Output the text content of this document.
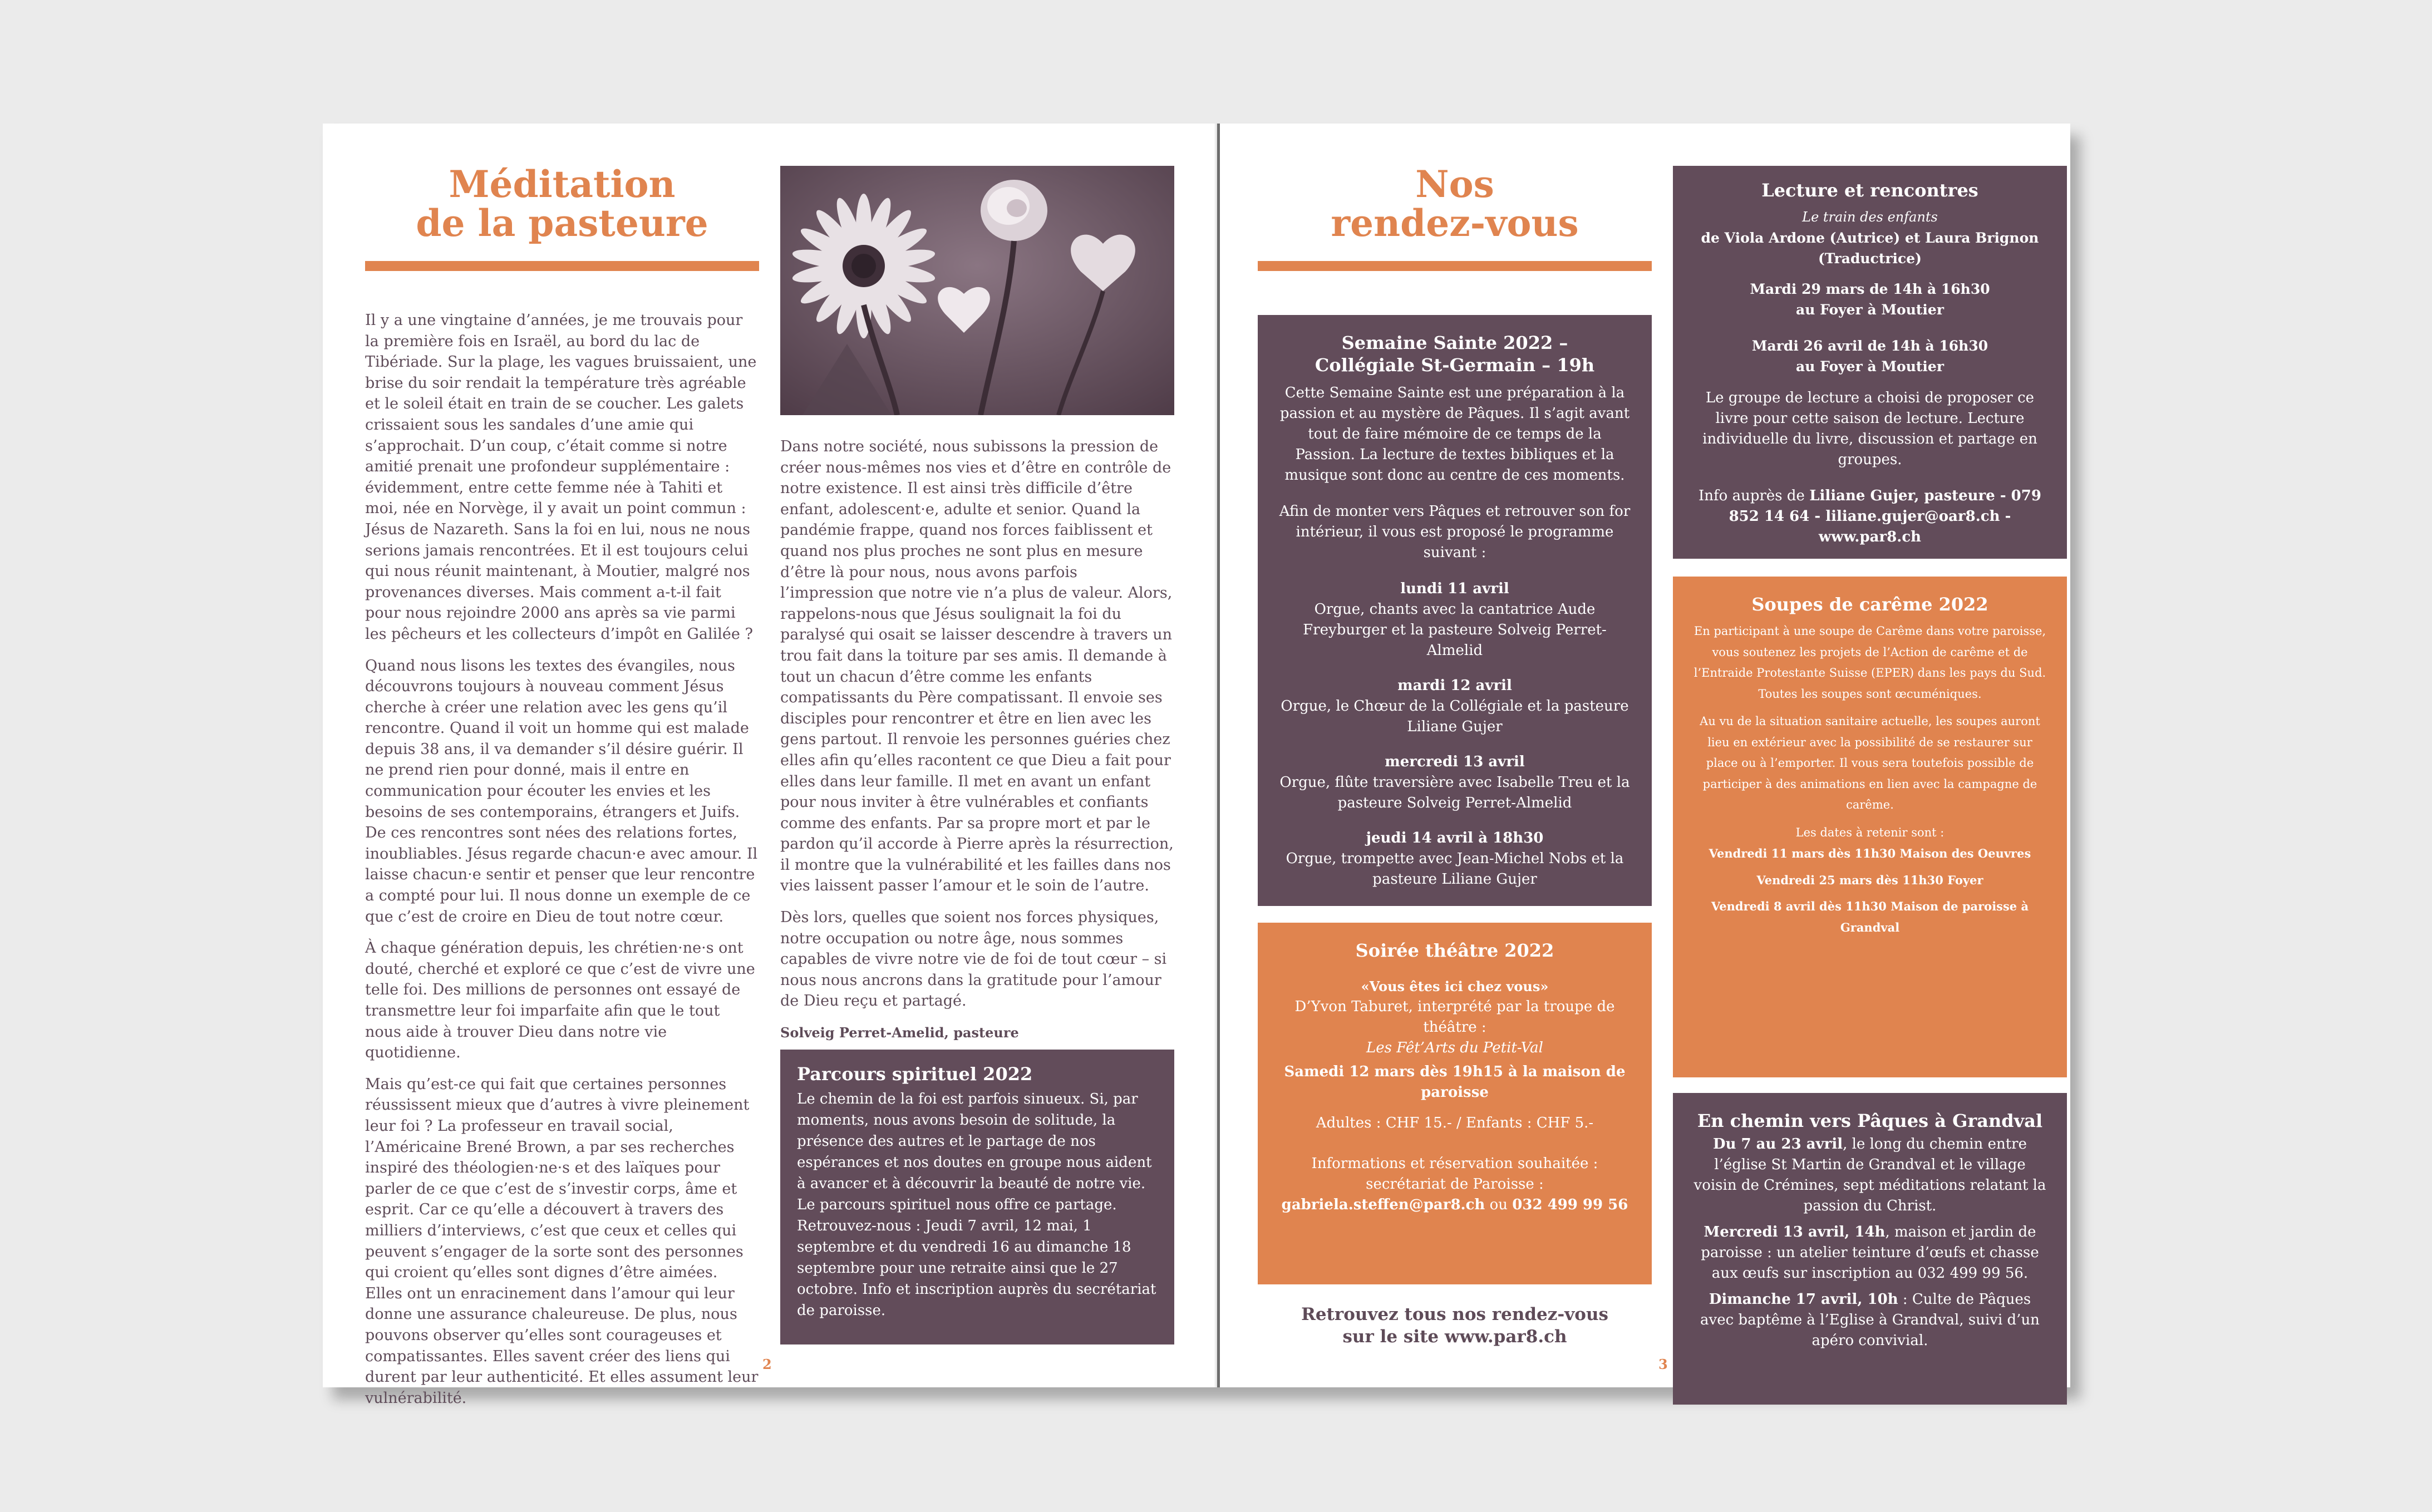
Méditation

de la pasteure

Il y a une vingtaine d’années, je me trouvais pour la première fois en Israël, au bord du lac de Tibériade. Sur la plage, les vagues bruissaient, une brise du soir rendait la température très agréable et le soleil était en train de se coucher. Les galets crissaient sous les sandales d’une amie qui s’approchait. D’un coup, c’était comme si notre amitié prenait une profondeur supplémentaire : évidemment, entre cette femme née à Tahiti et moi, née en Norvège, il y avait un point commun : Jésus de Nazareth. Sans la foi en lui, nous ne nous serions jamais rencontrées. Et il est toujours celui qui nous réunit maintenant, à Moutier, malgré nos provenances diverses. Mais comment a-t-il fait pour nous rejoindre 2000 ans après sa vie parmi les pêcheurs et les collecteurs d’impôt en Galilée ?

Quand nous lisons les textes des évangiles, nous découvrons toujours à nouveau comment Jésus cherche à créer une relation avec les gens qu’il rencontre. Quand il voit un homme qui est malade depuis 38 ans, il va demander s’il désire guérir. Il ne prend rien pour donné, mais il entre en communication pour écouter les envies et les besoins de ses contemporains, étrangers et Juifs. De ces rencontres sont nées des relations fortes, inoubliables. Jésus regarde chacun·e avec amour. Il laisse chacun·e sentir et penser que leur rencontre a compté pour lui. Il nous donne un exemple de ce que c’est de croire en Dieu de tout notre cœur.

À chaque génération depuis, les chrétien·ne·s ont douté, cherché et exploré ce que c’est de vivre une telle foi. Des millions de personnes ont essayé de transmettre leur foi imparfaite afin que le tout nous aide à trouver Dieu dans notre vie quotidienne.

Mais qu’est-ce qui fait que certaines personnes réussissent mieux que d’autres à vivre pleinement leur foi ? La professeur en travail social, l’Américaine Brené Brown, a par ses recherches inspiré des théologien·ne·s et des laïques pour parler de ce que c’est de s’investir corps, âme et esprit. Car ce qu’elle a découvert à travers des milliers d’interviews, c’est que ceux et celles qui peuvent s’engager de la sorte sont des personnes qui croient qu’elles sont dignes d’être aimées. Elles ont un enracinement dans l’amour qui leur donne une assurance chaleureuse. De plus, nous pouvons observer qu’elles sont courageuses et compatissantes. Elles savent créer des liens qui durent par leur authenticité. Et elles assument leur vulnérabilité.

Dans notre société, nous subissons la pression de créer nous-mêmes nos vies et d’être en contrôle de notre existence. Il est ainsi très difficile d’être enfant, adolescent·e, adulte et senior. Quand la pandémie frappe, quand nos forces faiblissent et quand nos plus proches ne sont plus en mesure d’être là pour nous, nous avons parfois l’impression que notre vie n’a plus de valeur. Alors, rappelons-nous que Jésus soulignait la foi du paralysé qui osait se laisser descendre à travers un trou fait dans la toiture par ses amis. Il demande à tout un chacun d’être comme les enfants compatissants du Père compatissant. Il envoie ses disciples pour rencontrer et être en lien avec les gens partout. Il renvoie les personnes guéries chez elles afin qu’elles racontent ce que Dieu a fait pour elles dans leur famille. Il met en avant un enfant pour nous inviter à être vulnérables et confiants comme des enfants. Par sa propre mort et par le pardon qu’il accorde à Pierre après la résurrection, il montre que la vulnérabilité et les failles dans nos vies laissent passer l’amour et le soin de l’autre.

Dès lors, quelles que soient nos forces physiques, notre occupation ou notre âge, nous sommes capables de vivre notre vie de foi de tout cœur – si nous nous ancrons dans la gratitude pour l’amour de Dieu reçu et partagé.

Solveig Perret-Amelid, pasteure

Parcours spirituel 2022

Le chemin de la foi est parfois sinueux. Si, par moments, nous avons besoin de solitude, la présence des autres et le partage de nos espérances et nos doutes en groupe nous aident à avancer et à découvrir la beauté de notre vie. Le parcours spirituel nous offre ce partage. Retrouvez-nous : Jeudi 7 avril, 12 mai, 1 septembre et du vendredi 16 au dimanche 18 septembre pour une retraite ainsi que le 27 octobre. Info et inscription auprès du secrétariat de paroisse.

2

Nos

rendez-vous

Semaine Sainte 2022 –
Collégiale St-Germain – 19h

Cette Semaine Sainte est une préparation à la passion et au mystère de Pâques. Il s’agit avant tout de faire mémoire de ce temps de la Passion. La lecture de textes bibliques et la musique sont donc au centre de ces moments.

Afin de monter vers Pâques et retrouver son for intérieur, il vous est proposé le programme suivant :

lundi 11 avril

Orgue, chants avec la cantatrice Aude Freyburger et la pasteure Solveig Perret-Almelid

mardi 12 avril

Orgue, le Chœur de la Collégiale et la pasteure Liliane Gujer

mercredi 13 avril

Orgue, flûte traversière avec Isabelle Treu et la pasteure Solveig Perret-Almelid

jeudi 14 avril à 18h30

Orgue, trompette avec Jean-Michel Nobs et la pasteure Liliane Gujer

Soirée théâtre 2022

«Vous êtes ici chez vous»

D’Yvon Taburet, interprété par la troupe de théâtre :

Les Fêt’Arts du Petit-Val

Samedi 12 mars dès 19h15 à la maison de paroisse

Adultes : CHF 15.- / Enfants : CHF 5.-

Informations et réservation souhaitée : secrétariat de Paroisse : gabriela.steffen@par8.ch ou 032 499 99 56

Retrouvez tous nos rendez-vous
sur le site www.par8.ch
3
Lecture et rencontres

Le train des enfants

de Viola Ardone (Autrice) et Laura Brignon (Traductrice)

Mardi 29 mars de 14h à 16h30

au Foyer à Moutier

Mardi 26 avril de 14h à 16h30

au Foyer à Moutier

Le groupe de lecture a choisi de proposer ce livre pour cette saison de lecture. Lecture individuelle du livre, discussion et partage en groupes.

Info auprès de Liliane Gujer, pasteure - 079 852 14 64 - liliane.gujer@oar8.ch - www.par8.ch

Soupes de carême 2022

En participant à une soupe de Carême dans votre paroisse, vous soutenez les projets de l’Action de carême et de l’Entraide Protestante Suisse (EPER) dans les pays du Sud. Toutes les soupes sont œcuméniques.

Au vu de la situation sanitaire actuelle, les soupes auront lieu en extérieur avec la possibilité de se restaurer sur place ou à l’emporter. Il vous sera toutefois possible de participer à des animations en lien avec la campagne de carême.

Les dates à retenir sont :

Vendredi 11 mars dès 11h30 Maison des Oeuvres

Vendredi 25 mars dès 11h30 Foyer

Vendredi 8 avril dès 11h30 Maison de paroisse à Grandval

En chemin vers Pâques à Grandval

Du 7 au 23 avril, le long du chemin entre l’église St Martin de Grandval et le village voisin de Crémines, sept méditations relatant la passion du Christ.

Mercredi 13 avril, 14h, maison et jardin de paroisse : un atelier teinture d’œufs et chasse aux œufs sur inscription au 032 499 99 56.

Dimanche 17 avril, 10h : Culte de Pâques avec baptême à l’Eglise à Grandval, suivi d’un apéro convivial.
